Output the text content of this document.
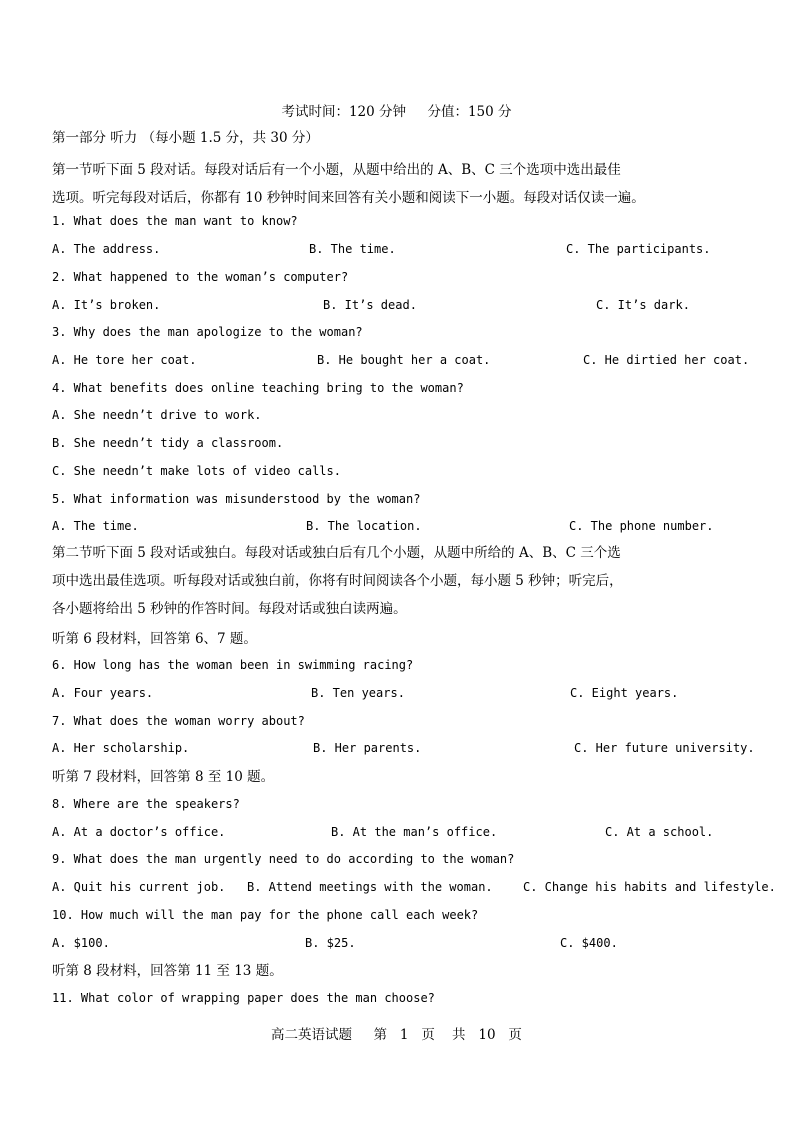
考试时间：120 分钟     分值：150 分
第一部分 听力 （每小题 1.5 分，共 30 分）
第一节听下面 5 段对话。每段对话后有一个小题，从题中给出的 A、B、C 三个选项中选出最佳
选项。听完每段对话后，你都有 10 秒钟时间来回答有关小题和阅读下一小题。每段对话仅读一遍。
1. What does the man want to know?
A. The address.	B. The time.	C. The participants.
2. What happened to the woman’s computer?
A. It’s broken.	B. It’s dead.	C. It’s dark.
3. Why does the man apologize to the woman?
A. He tore her coat.	B. He bought her a coat.	C. He dirtied her coat.
4. What benefits does online teaching bring to the woman?
A. She needn’t drive to work.
B. She needn’t tidy a classroom.
C. She needn’t make lots of video calls.
5. What information was misunderstood by the woman?
A. The time.	B. The location.	C. The phone number.
第二节听下面 5 段对话或独白。每段对话或独白后有几个小题，从题中所给的 A、B、C 三个选
项中选出最佳选项。听每段对话或独白前，你将有时间阅读各个小题，每小题 5 秒钟；听完后，
各小题将给出 5 秒钟的作答时间。每段对话或独白读两遍。
听第 6 段材料，回答第 6、7 题。
6. How long has the woman been in swimming racing?
A. Four years.	B. Ten years.	C. Eight years.
7. What does the woman worry about?
A. Her scholarship.	B. Her parents.	C. Her future university.
听第 7 段材料，回答第 8 至 10 题。
8. Where are the speakers?
A. At a doctor’s office.	B. At the man’s office.	C. At a school.
9. What does the man urgently need to do according to the woman?
A. Quit his current job. B. Attend meetings with the woman.	C. Change his habits and lifestyle.
10. How much will the man pay for the phone call each week?
A. $100.	B. $25.	C. $400.
听第 8 段材料，回答第 11 至 13 题。
11. What color of wrapping paper does the man choose?
高二英语试题     第   1   页    共   10   页
